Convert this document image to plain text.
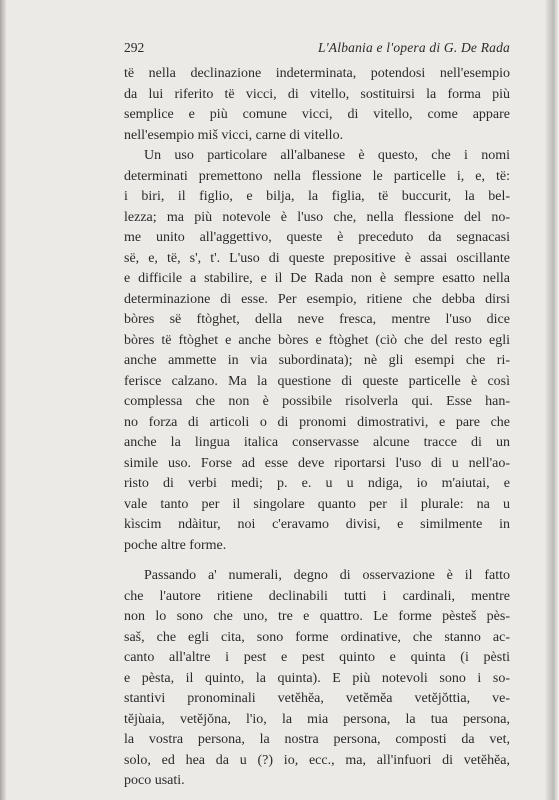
292	L'Albania e l'opera di G. De Rada
të nella declinazione indeterminata, potendosi nell'esempio
da lui riferito të vicci, di vitello, sostituirsi la forma più
semplice e più comune vicci, di vitello, come appare
nell'esempio miš vicci, carne di vitello.
Un uso particolare all'albanese è questo, che i nomi
determinati premettono nella flessione le particelle i, e, të:
i biri, il figlio, e bilja, la figlia, të buccurit, la bel-
lezza; ma più notevole è l'uso che, nella flessione del no-
me unito all'aggettivo, queste è preceduto da segnacasi
së, e, të, s', t'. L'uso di queste prepositive è assai oscillante
e difficile a stabilire, e il De Rada non è sempre esatto nella
determinazione di esse. Per esempio, ritiene che debba dirsi
bòres së ftòghet, della neve fresca, mentre l'uso dice
bòres të ftòghet e anche bòres e ftòghet (ciò che del resto egli
anche ammette in via subordinata); nè gli esempi che ri-
ferisce calzano. Ma la questione di queste particelle è così
complessa che non è possibile risolverla qui. Esse han-
no forza di articoli o di pronomi dimostrativi, e pare che
anche la lingua italica conservasse alcune tracce di un
simile uso. Forse ad esse deve riportarsi l'uso di u nell'ao-
risto di verbi medi; p. e. u u ndiga, io m'aiutai, e
vale tanto per il singolare quanto per il plurale: na u
kìscim ndàitur, noi c'eravamo divisi, e similmente in
poche altre forme.
Passando a' numerali, degno di osservazione è il fatto
che l'autore ritiene declinabili tutti i cardinali, mentre
non lo sono che uno, tre e quattro. Le forme pèsteš pès-
saš, che egli cita, sono forme ordinative, che stanno ac-
canto all'altre i pest e pest quinto e quinta (i pèsti
e pèsta, il quinto, la quinta). E più notevoli sono i so-
stantivi pronominali vetĕhĕa, vetĕmĕa vetĕjŏttia, ve-
tĕjùaia, vetĕjŏna, l'io, la mia persona, la tua persona,
la vostra persona, la nostra persona, composti da vet,
solo, ed hea da u (?) io, ecc., ma, all'infuori di vetĕhĕa,
poco usati.
